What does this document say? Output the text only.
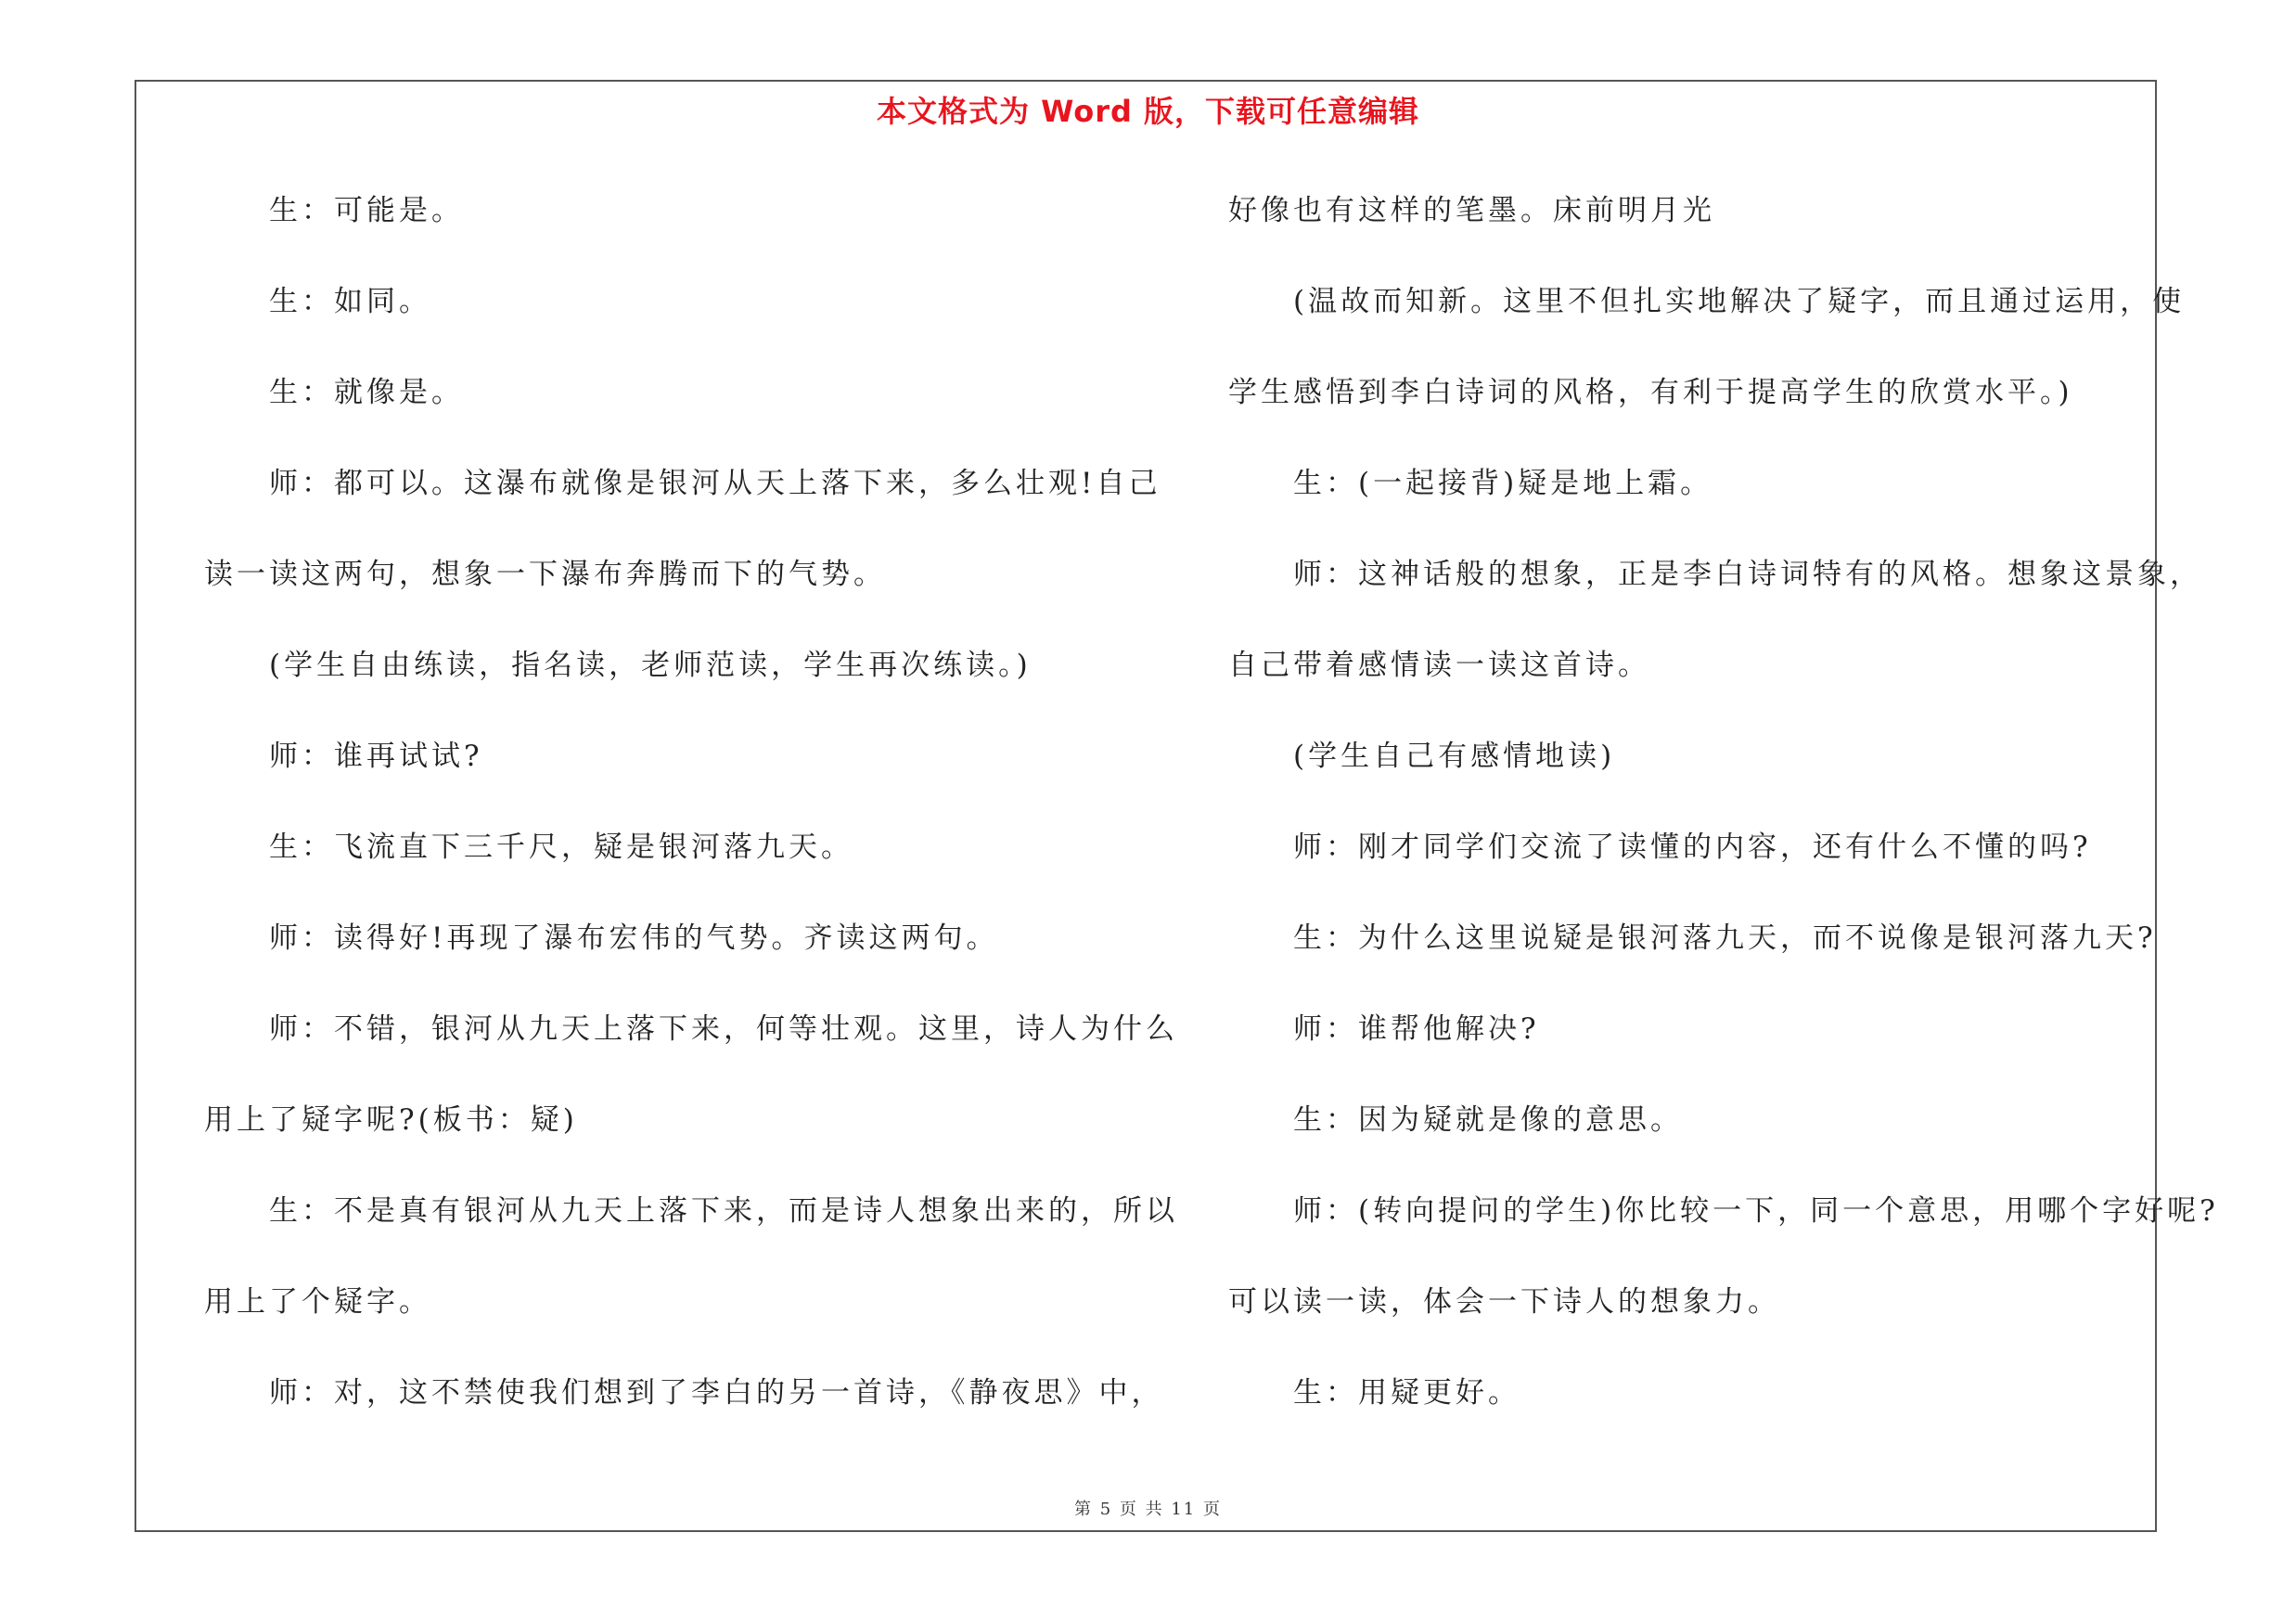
本文格式为 Word 版，下载可任意编辑
生：可能是。
生：如同。
生：就像是。
师：都可以。这瀑布就像是银河从天上落下来，多么壮观!自己
读一读这两句，想象一下瀑布奔腾而下的气势。
(学生自由练读，指名读，老师范读，学生再次练读。)
师：谁再试试?
生：飞流直下三千尺，疑是银河落九天。
师：读得好!再现了瀑布宏伟的气势。齐读这两句。
师：不错，银河从九天上落下来，何等壮观。这里，诗人为什么
用上了疑字呢?(板书：疑)
生：不是真有银河从九天上落下来，而是诗人想象出来的，所以
用上了个疑字。
师：对，这不禁使我们想到了李白的另一首诗，《静夜思》中，
好像也有这样的笔墨。床前明月光
(温故而知新。这里不但扎实地解决了疑字，而且通过运用，使
学生感悟到李白诗词的风格，有利于提高学生的欣赏水平。)
生：(一起接背)疑是地上霜。
师：这神话般的想象，正是李白诗词特有的风格。想象这景象，
自己带着感情读一读这首诗。
(学生自己有感情地读)
师：刚才同学们交流了读懂的内容，还有什么不懂的吗?
生：为什么这里说疑是银河落九天，而不说像是银河落九天?
师：谁帮他解决?
生：因为疑就是像的意思。
师：(转向提问的学生)你比较一下，同一个意思，用哪个字好呢?
可以读一读，体会一下诗人的想象力。
生：用疑更好。
第 5 页 共 11 页
